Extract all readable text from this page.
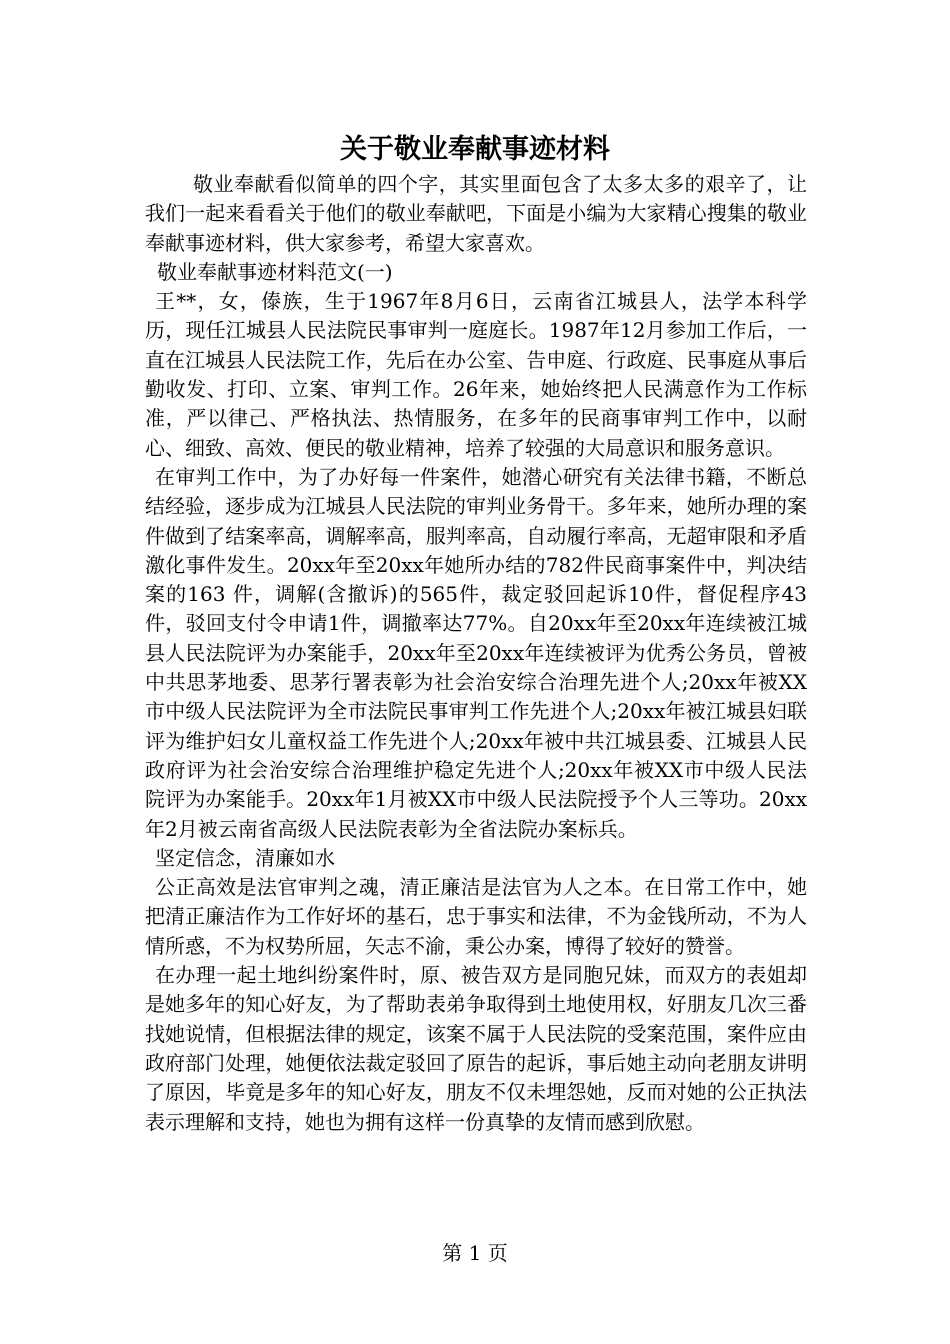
关于敬业奉献事迹材料

敬业奉献看似简单的四个字，其实里面包含了太多太多的艰辛了，让我们一起来看看关于他们的敬业奉献吧，下面是小编为大家精心搜集的敬业奉献事迹材料，供大家参考，希望大家喜欢。

敬业奉献事迹材料范文(一)

王**，女，傣族，生于1967年8月6日，云南省江城县人，法学本科学历，现任江城县人民法院民事审判一庭庭长。1987年12月参加工作后，一直在江城县人民法院工作，先后在办公室、告申庭、行政庭、民事庭从事后勤收发、打印、立案、审判工作。26年来，她始终把人民满意作为工作标准，严以律己、严格执法、热情服务，在多年的民商事审判工作中，以耐心、细致、高效、便民的敬业精神，培养了较强的大局意识和服务意识。

在审判工作中，为了办好每一件案件，她潜心研究有关法律书籍，不断总结经验，逐步成为江城县人民法院的审判业务骨干。多年来，她所办理的案件做到了结案率高，调解率高，服判率高，自动履行率高，无超审限和矛盾激化事件发生。20xx年至20xx年她所办结的782件民商事案件中，判决结案的163 件，调解(含撤诉)的565件，裁定驳回起诉10件，督促程序43件，驳回支付令申请1件，调撤率达77%。自20xx年至20xx年连续被江城县人民法院评为办案能手，20xx年至20xx年连续被评为优秀公务员，曾被中共思茅地委、思茅行署表彰为社会治安综合治理先进个人;20xx年被XX市中级人民法院评为全市法院民事审判工作先进个人;20xx年被江城县妇联评为维护妇女儿童权益工作先进个人;20xx年被中共江城县委、江城县人民政府评为社会治安综合治理维护稳定先进个人;20xx年被XX市中级人民法院评为办案能手。20xx年1月被XX市中级人民法院授予个人三等功。20xx年2月被云南省高级人民法院表彰为全省法院办案标兵。

坚定信念，清廉如水

公正高效是法官审判之魂，清正廉洁是法官为人之本。在日常工作中，她把清正廉洁作为工作好坏的基石，忠于事实和法律，不为金钱所动，不为人情所惑，不为权势所屈，矢志不渝，秉公办案，博得了较好的赞誉。

在办理一起土地纠纷案件时，原、被告双方是同胞兄妹，而双方的表姐却是她多年的知心好友，为了帮助表弟争取得到土地使用权，好朋友几次三番找她说情，但根据法律的规定，该案不属于人民法院的受案范围，案件应由政府部门处理，她便依法裁定驳回了原告的起诉，事后她主动向老朋友讲明了原因，毕竟是多年的知心好友，朋友不仅未埋怨她，反而对她的公正执法表示理解和支持，她也为拥有这样一份真挚的友情而感到欣慰。

第 1 页
